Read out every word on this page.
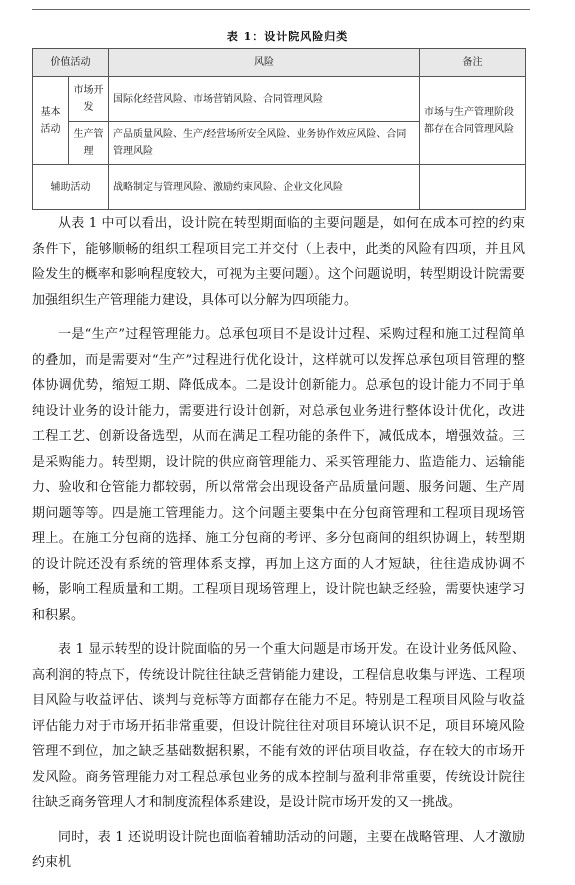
表 1：设计院风险归类
价值活动		风险	备注
基本活动	市场开发	国际化经营风险、市场营销风险、合同管理风险	市场与生产管理阶段都存在合同管理风险
	生产管理	产品质量风险、生产/经营场所安全风险、业务协作效应风险、合同管理风险	
辅助活动		战略制定与管理风险、激励约束风险、企业文化风险	

从表 1 中可以看出，设计院在转型期面临的主要问题是，如何在成本可控的约束条件下，能够顺畅的组织工程项目完工并交付（上表中，此类的风险有四项，并且风险发生的概率和影响程度较大，可视为主要问题）。这个问题说明，转型期设计院需要加强组织生产管理能力建设，具体可以分解为四项能力。

一是“生产”过程管理能力。总承包项目不是设计过程、采购过程和施工过程简单的叠加，而是需要对“生产”过程进行优化设计，这样就可以发挥总承包项目管理的整体协调优势，缩短工期、降低成本。二是设计创新能力。总承包的设计能力不同于单纯设计业务的设计能力，需要进行设计创新，对总承包业务进行整体设计优化，改进工程工艺、创新设备选型，从而在满足工程功能的条件下，减低成本，增强效益。三是采购能力。转型期，设计院的供应商管理能力、采买管理能力、监造能力、运输能力、验收和仓管能力都较弱，所以常常会出现设备产品质量问题、服务问题、生产周期问题等等。四是施工管理能力。这个问题主要集中在分包商管理和工程项目现场管理上。在施工分包商的选择、施工分包商的考评、多分包商间的组织协调上，转型期的设计院还没有系统的管理体系支撑，再加上这方面的人才短缺，往往造成协调不畅，影响工程质量和工期。工程项目现场管理上，设计院也缺乏经验，需要快速学习和积累。

表 1 显示转型的设计院面临的另一个重大问题是市场开发。在设计业务低风险、高利润的特点下，传统设计院往往缺乏营销能力建设，工程信息收集与评选、工程项目风险与收益评估、谈判与竞标等方面都存在能力不足。特别是工程项目风险与收益评估能力对于市场开拓非常重要，但设计院往往对项目环境认识不足，项目环境风险管理不到位，加之缺乏基础数据积累，不能有效的评估项目收益，存在较大的市场开发风险。商务管理能力对工程总承包业务的成本控制与盈利非常重要，传统设计院往往缺乏商务管理人才和制度流程体系建设，是设计院市场开发的又一挑战。

同时，表 1 还说明设计院也面临着辅助活动的问题，主要在战略管理、人才激励约束机
